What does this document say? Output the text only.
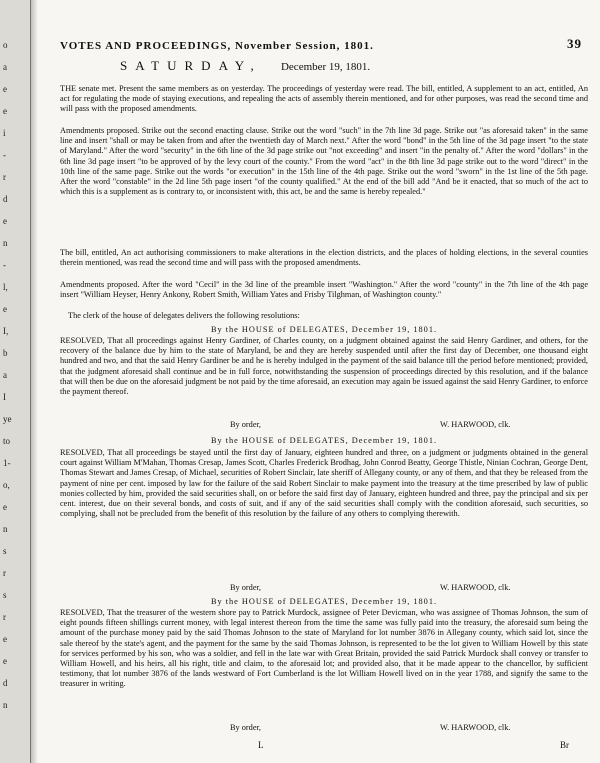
o
a
e
e
i
-
r
d
e
n
-
l,
e
I,
b
a
I
ye
to
1-
o,
e
n
s
r
s
r
e
e
d
n
VOTES AND PROCEEDINGS, November Session, 1801.	39
SATURDAY, December 19, 1801.
THE senate met. Present the same members as on yesterday. The proceedings of yesterday were read. The bill, entitled, A supplement to an act, entitled, An act for regulating the mode of staying executions, and repealing the acts of assembly therein mentioned, and for other purposes, was read the second time and will pass with the proposed amendments.
Amendments proposed. Strike out the second enacting clause. Strike out the word "such" in the 7th line 3d page. Strike out "as aforesaid taken" in the same line and insert "shall or may be taken from and after the twentieth day of March next." After the word "bond" in the 5th line of the 3d page insert "to the state of Maryland." After the word "security" in the 6th line of the 3d page strike out "not exceeding" and insert "in the penalty of." After the word "dollars" in the 6th line 3d page insert "to be approved of by the levy court of the county." From the word "act" in the 8th line 3d page strike out to the word "direct" in the 10th line of the same page. Strike out the words "or execution" in the 15th line of the 4th page. Strike out the word "sworn" in the 1st line of the 5th page. After the word "constable" in the 2d line 5th page insert "of the county qualified." At the end of the bill add "And be it enacted, that so much of the act to which this is a supplement as is contrary to, or inconsistent with, this act, be and the same is hereby repealed."
The bill, entitled, An act authorising commissioners to make alterations in the election districts, and the places of holding elections, in the several counties therein mentioned, was read the second time and will pass with the proposed amendments.
Amendments proposed. After the word "Cecil" in the 3d line of the preamble insert "Washington." After the word "county" in the 7th line of the 4th page insert "William Heyser, Henry Ankony, Robert Smith, William Yates and Frisby Tilghman, of Washington county."
The clerk of the house of delegates delivers the following resolutions:
By the HOUSE of DELEGATES, December 19, 1801.
RESOLVED, That all proceedings against Henry Gardiner, of Charles county, on a judgment obtained against the said Henry Gardiner, and others, for the recovery of the balance due by him to the state of Maryland, be and they are hereby suspended until after the first day of December, one thousand eight hundred and two, and that the said Henry Gardiner be and he is hereby indulged in the payment of the said balance till the period before mentioned; provided, that the judgment aforesaid shall continue and be in full force, notwithstanding the suspension of proceedings directed by this resolution, and if the balance that will then be due on the aforesaid judgment be not paid by the time aforesaid, an execution may again be issued against the said Henry Gardiner, to enforce the payment thereof.
By order,	W. HARWOOD, clk.
By the HOUSE of DELEGATES, December 19, 1801.
RESOLVED, That all proceedings be stayed until the first day of January, eighteen hundred and three, on a judgment or judgments obtained in the general court against William M'Mahan, Thomas Cresap, James Scott, Charles Frederick Brodhag, John Conrod Beatty, George Thistle, Ninian Cochran, George Dent, Thomas Stewart and James Cresap, of Michael, securities of Robert Sinclair, late sheriff of Allegany county, or any of them, and that they be released from the payment of nine per cent. imposed by law for the failure of the said Robert Sinclair to make payment into the treasury at the time prescribed by law of public monies collected by him, provided the said securities shall, on or before the said first day of January, eighteen hundred and three, pay the principal and six per cent. interest, due on their several bonds, and costs of suit, and if any of the said securities shall comply with the condition aforesaid, such securities, so complying, shall not be precluded from the benefit of this resolution by the failure of any others to complying therewith.
By order,	W. HARWOOD, clk.
By the HOUSE of DELEGATES, December 19, 1801.
RESOLVED, That the treasurer of the western shore pay to Patrick Murdock, assignee of Peter Devicman, who was assignee of Thomas Johnson, the sum of eight pounds fifteen shillings current money, with legal interest thereon from the time the same was fully paid into the treasury, the aforesaid sum being the amount of the purchase money paid by the said Thomas Johnson to the state of Maryland for lot number 3876 in Allegany county, which said lot, since the sale thereof by the state's agent, and the payment for the same by the said Thomas Johnson, is represented to be the lot given to William Howell by this state for services performed by his son, who was a soldier, and fell in the late war with Great Britain, provided the said Patrick Murdock shall convey or transfer to William Howell, and his heirs, all his right, title and claim, to the aforesaid lot; and provided also, that it be made appear to the chancellor, by sufficient testimony, that lot number 3876 of the lands westward of Fort Cumberland is the lot William Howell lived on in the year 1788, and signify the same to the treasurer in writing.
By order,	W. HARWOOD, clk.
L	Br
